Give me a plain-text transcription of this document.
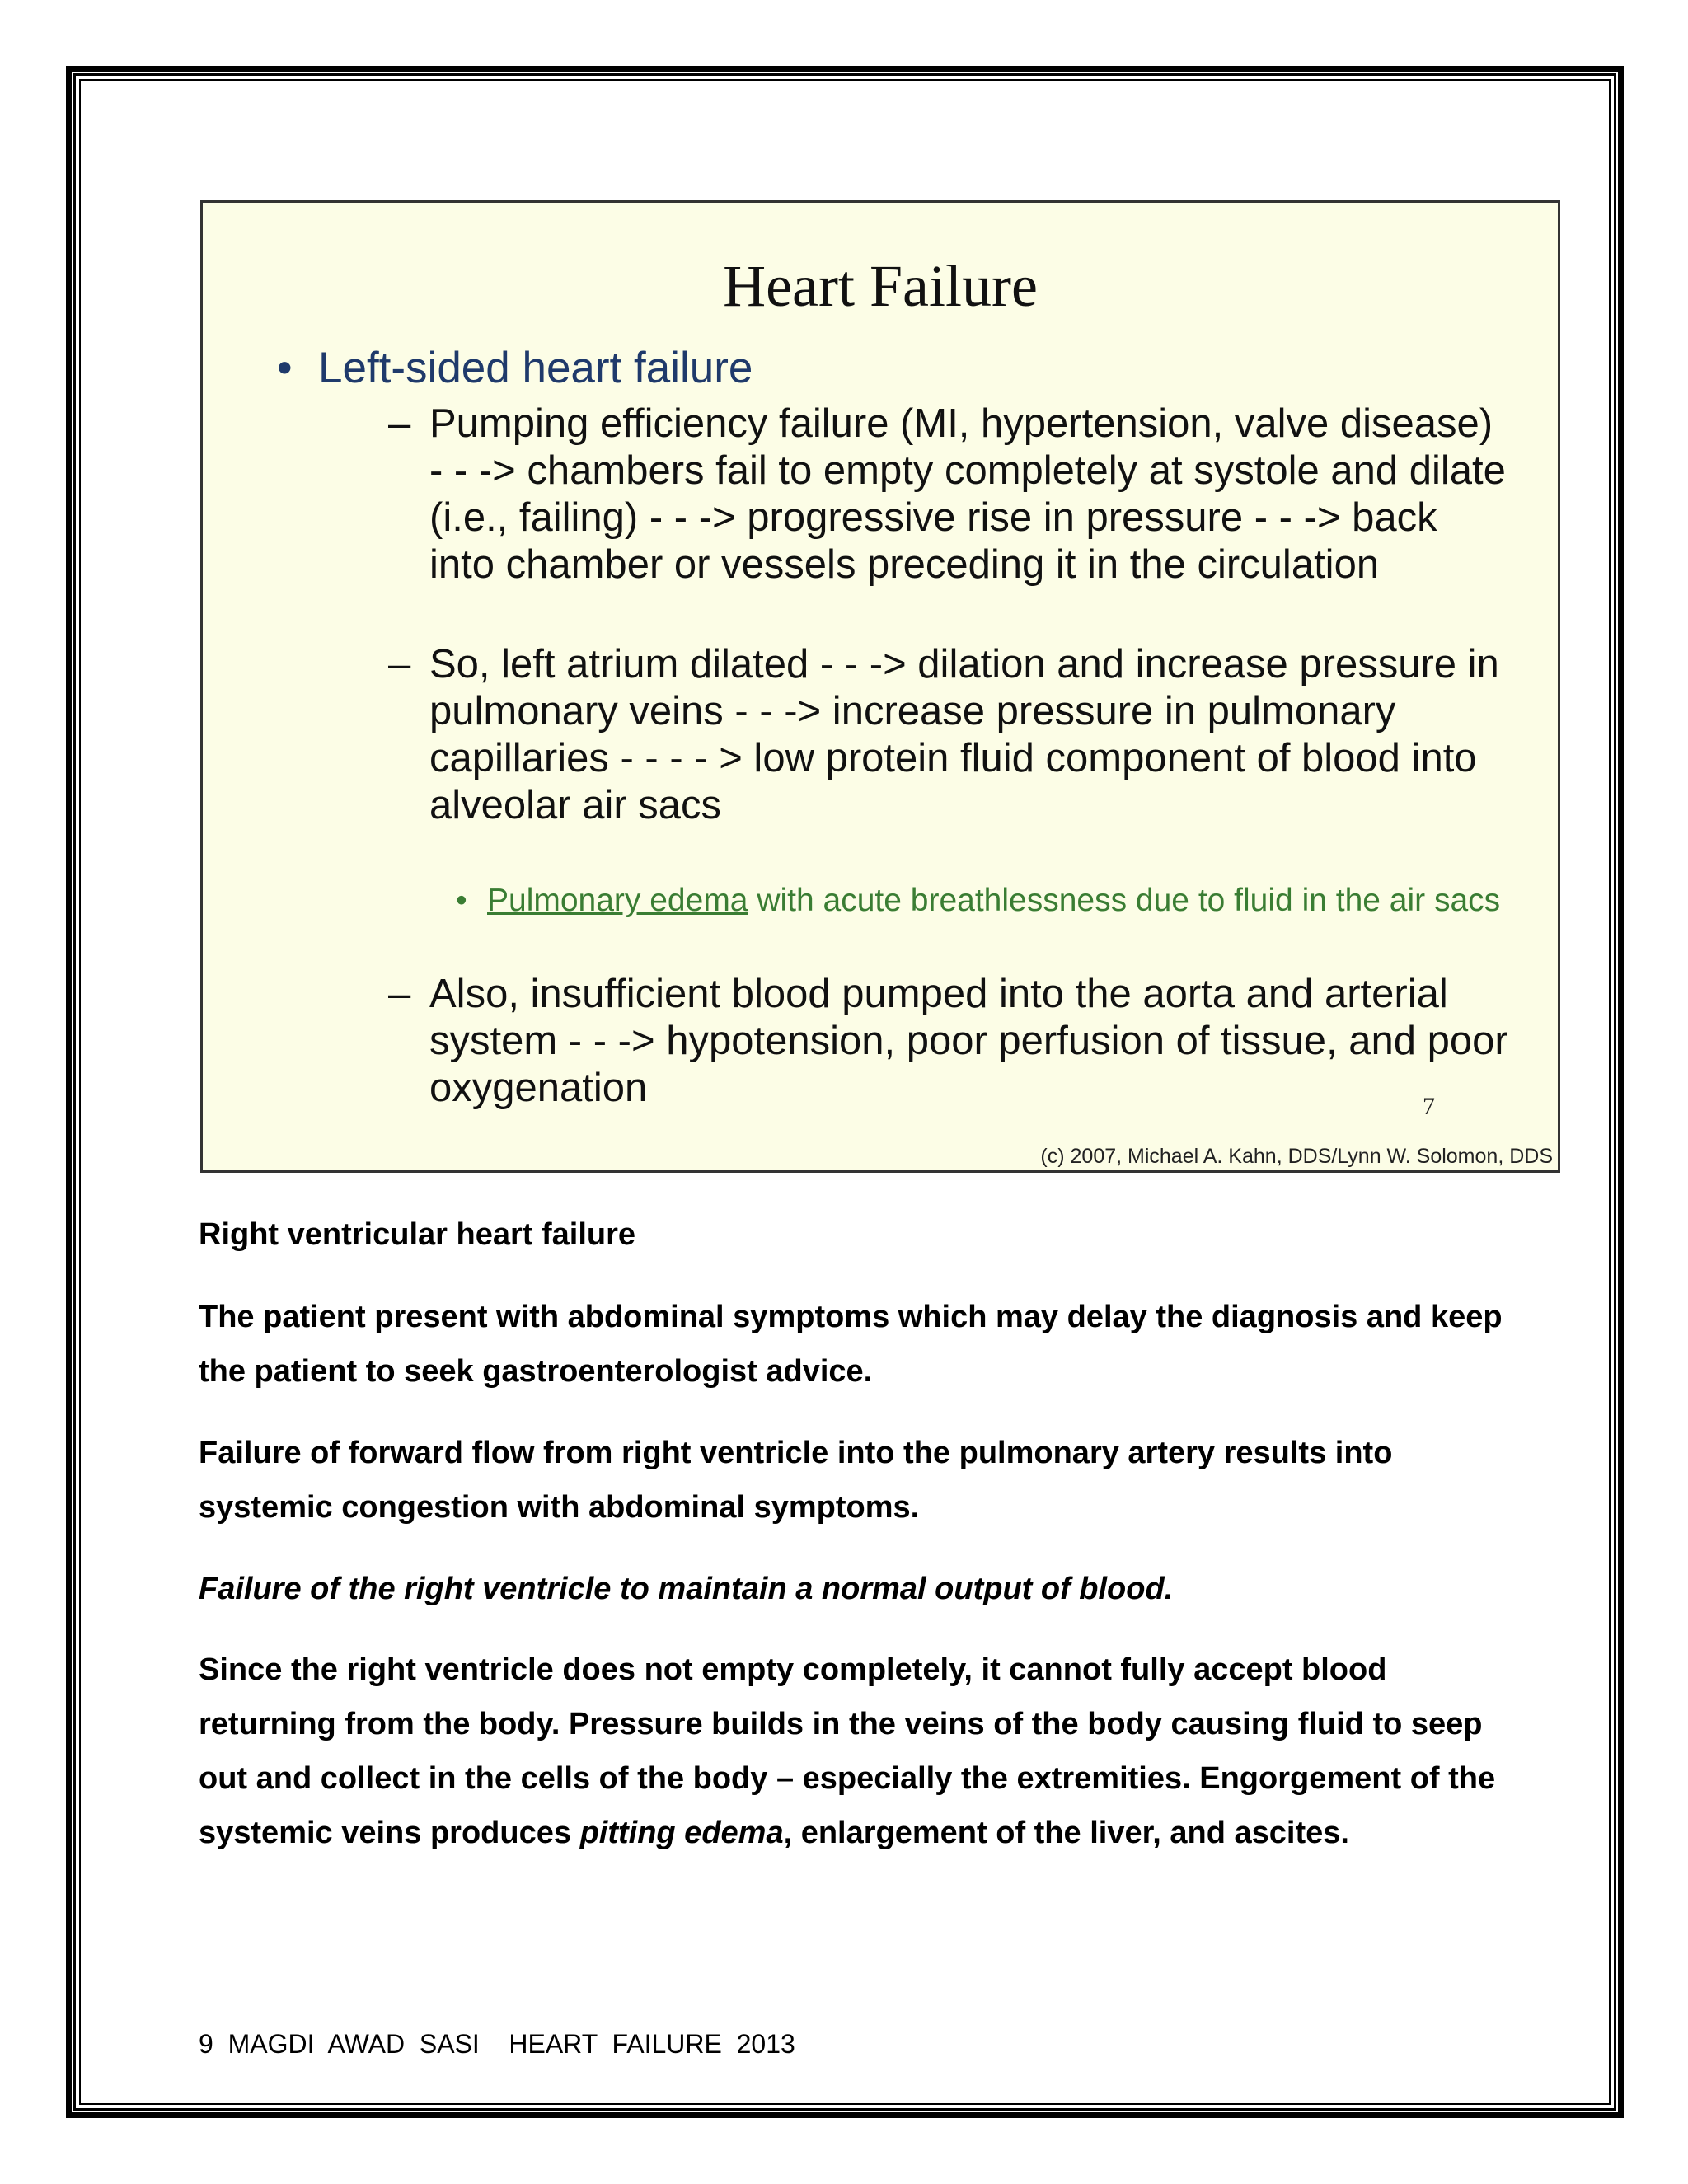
Heart Failure
• Left-sided heart failure
– Pumping efficiency failure (MI, hypertension, valve disease) - - -> chambers fail to empty completely at systole and dilate (i.e., failing) - - -> progressive rise in pressure - - -> back into chamber or vessels preceding it in the circulation
– So, left atrium dilated - - -> dilation and increase pressure in pulmonary veins - - -> increase pressure in pulmonary capillaries - - - - > low protein fluid component of blood into alveolar air sacs
• Pulmonary edema with acute breathlessness due to fluid in the air sacs
– Also, insufficient blood pumped into the aorta and arterial system - - -> hypotension, poor perfusion of tissue, and poor oxygenation	7
(c) 2007, Michael A. Kahn, DDS/Lynn W. Solomon, DDS
Right ventricular heart failure
The patient present with abdominal symptoms which may delay the diagnosis and keep the patient to seek gastroenterologist advice.
Failure of forward flow from right ventricle into the pulmonary artery results into systemic congestion with abdominal symptoms.
Failure of the right ventricle to maintain a normal output of blood.
Since the right ventricle does not empty completely, it cannot fully accept blood returning from the body. Pressure builds in the veins of the body causing fluid to seep out and collect in the cells of the body – especially the extremities. Engorgement of the systemic veins produces pitting edema, enlargement of the liver, and ascites.
9  MAGDI  AWAD  SASI    HEART  FAILURE  2013
